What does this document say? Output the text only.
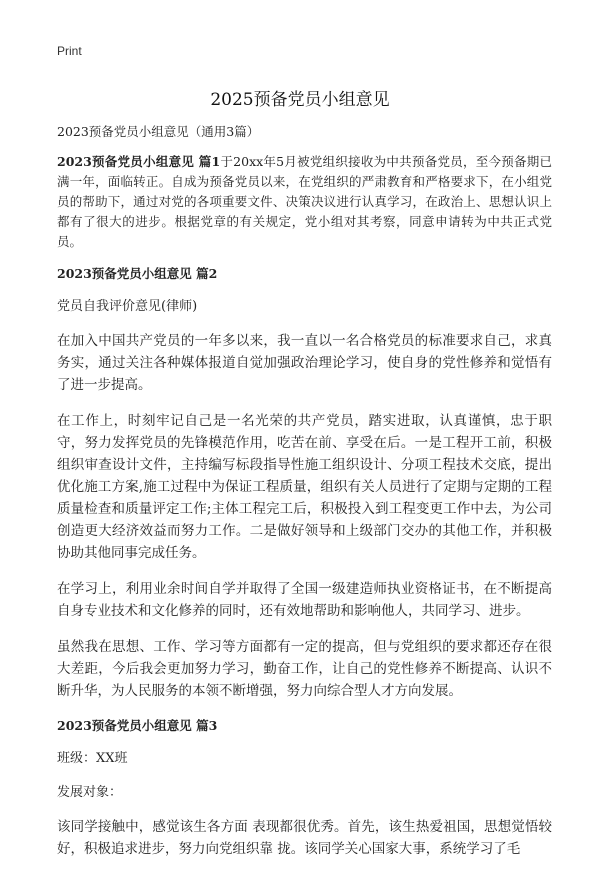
Print
2025预备党员小组意见

2023预备党员小组意见（通用3篇）

2023预备党员小组意见 篇1于20xx年5月被党组织接收为中共预备党员，至今预备期已满一年，面临转正。自成为预备党员以来，在党组织的严肃教育和严格要求下，在小组党员的帮助下，通过对党的各项重要文件、决策决议进行认真学习，在政治上、思想认识上都有了很大的进步。根据党章的有关规定，党小组对其考察，同意申请转为中共正式党员。

2023预备党员小组意见 篇2

党员自我评价意见(律师)

在加入中国共产党员的一年多以来，我一直以一名合格党员的标准要求自己，求真务实，通过关注各种媒体报道自觉加强政治理论学习，使自身的党性修养和觉悟有了进一步提高。

在工作上，时刻牢记自己是一名光荣的共产党员，踏实进取，认真谨慎，忠于职守，努力发挥党员的先锋模范作用，吃苦在前、享受在后。一是工程开工前，积极组织审查设计文件，主持编写标段指导性施工组织设计、分项工程技术交底，提出优化施工方案,施工过程中为保证工程质量，组织有关人员进行了定期与定期的工程质量检查和质量评定工作;主体工程完工后，积极投入到工程变更工作中去，为公司创造更大经济效益而努力工作。二是做好领导和上级部门交办的其他工作，并积极协助其他同事完成任务。

在学习上，利用业余时间自学并取得了全国一级建造师执业资格证书，在不断提高自身专业技术和文化修养的同时，还有效地帮助和影响他人，共同学习、进步。

虽然我在思想、工作、学习等方面都有一定的提高，但与党组织的要求都还存在很大差距，今后我会更加努力学习，勤奋工作，让自己的党性修养不断提高、认识不断升华，为人民服务的本领不断增强，努力向综合型人才方向发展。

2023预备党员小组意见 篇3

班级：XX班

发展对象：

该同学接触中，感觉该生各方面 表现都很优秀。首先，该生热爱祖国，思想觉悟较好，积极追求进步，努力向党组织靠 拢。该同学关心国家大事，系统学习了毛
